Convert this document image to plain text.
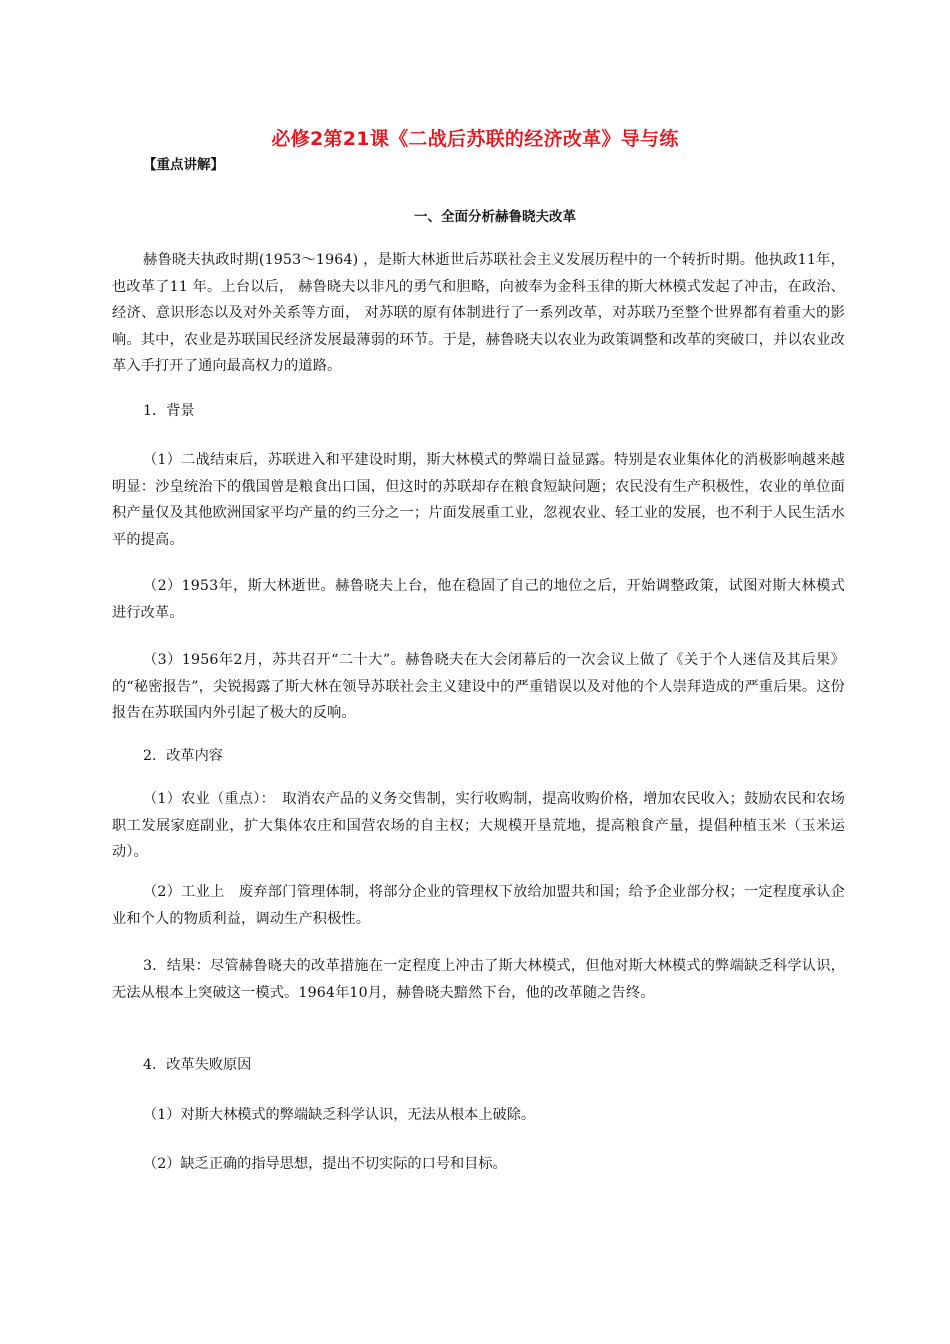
必修2第21课《二战后苏联的经济改革》导与练

【重点讲解】

一、全面分析赫鲁晓夫改革

赫鲁晓夫执政时期(1953～1964) ，是斯大林逝世后苏联社会主义发展历程中的一个转折时期。他执政11年， 也改革了11 年。上台以后， 赫鲁晓夫以非凡的勇气和胆略，向被奉为金科玉律的斯大林模式发起了冲击，在政治、经济、意识形态以及对外关系等方面， 对苏联的原有体制进行了一系列改革，对苏联乃至整个世界都有着重大的影响。其中，农业是苏联国民经济发展最薄弱的环节。于是，赫鲁晓夫以农业为政策调整和改革的突破口，并以农业改革入手打开了通向最高权力的道路。

1．背景

（1）二战结束后，苏联进入和平建设时期，斯大林模式的弊端日益显露。特别是农业集体化的消极影响越来越明显：沙皇统治下的俄国曾是粮食出口国，但这时的苏联却存在粮食短缺问题；农民没有生产积极性，农业的单位面积产量仅及其他欧洲国家平均产量的约三分之一；片面发展重工业，忽视农业、轻工业的发展，也不利于人民生活水平的提高。

（2）1953年，斯大林逝世。赫鲁晓夫上台，他在稳固了自己的地位之后，开始调整政策，试图对斯大林模式进行改革。

（3）1956年2月，苏共召开“二十大”。赫鲁晓夫在大会闭幕后的一次会议上做了《关于个人迷信及其后果》的“秘密报告”，尖锐揭露了斯大林在领导苏联社会主义建设中的严重错误以及对他的个人崇拜造成的严重后果。这份报告在苏联国内外引起了极大的反响。

2．改革内容

（1）农业（重点）：　取消农产品的义务交售制，实行收购制，提高收购价格，增加农民收入；鼓励农民和农场职工发展家庭副业，扩大集体农庄和国营农场的自主权；大规模开垦荒地，提高粮食产量，提倡种植玉米（玉米运动）。

（2）工业上　废弃部门管理体制，将部分企业的管理权下放给加盟共和国；给予企业部分权；一定程度承认企业和个人的物质利益，调动生产积极性。

3．结果：尽管赫鲁晓夫的改革措施在一定程度上冲击了斯大林模式，但他对斯大林模式的弊端缺乏科学认识，无法从根本上突破这一模式。1964年10月，赫鲁晓夫黯然下台，他的改革随之告终。

4．改革失败原因

（1）对斯大林模式的弊端缺乏科学认识，无法从根本上破除。

（2）缺乏正确的指导思想，提出不切实际的口号和目标。
